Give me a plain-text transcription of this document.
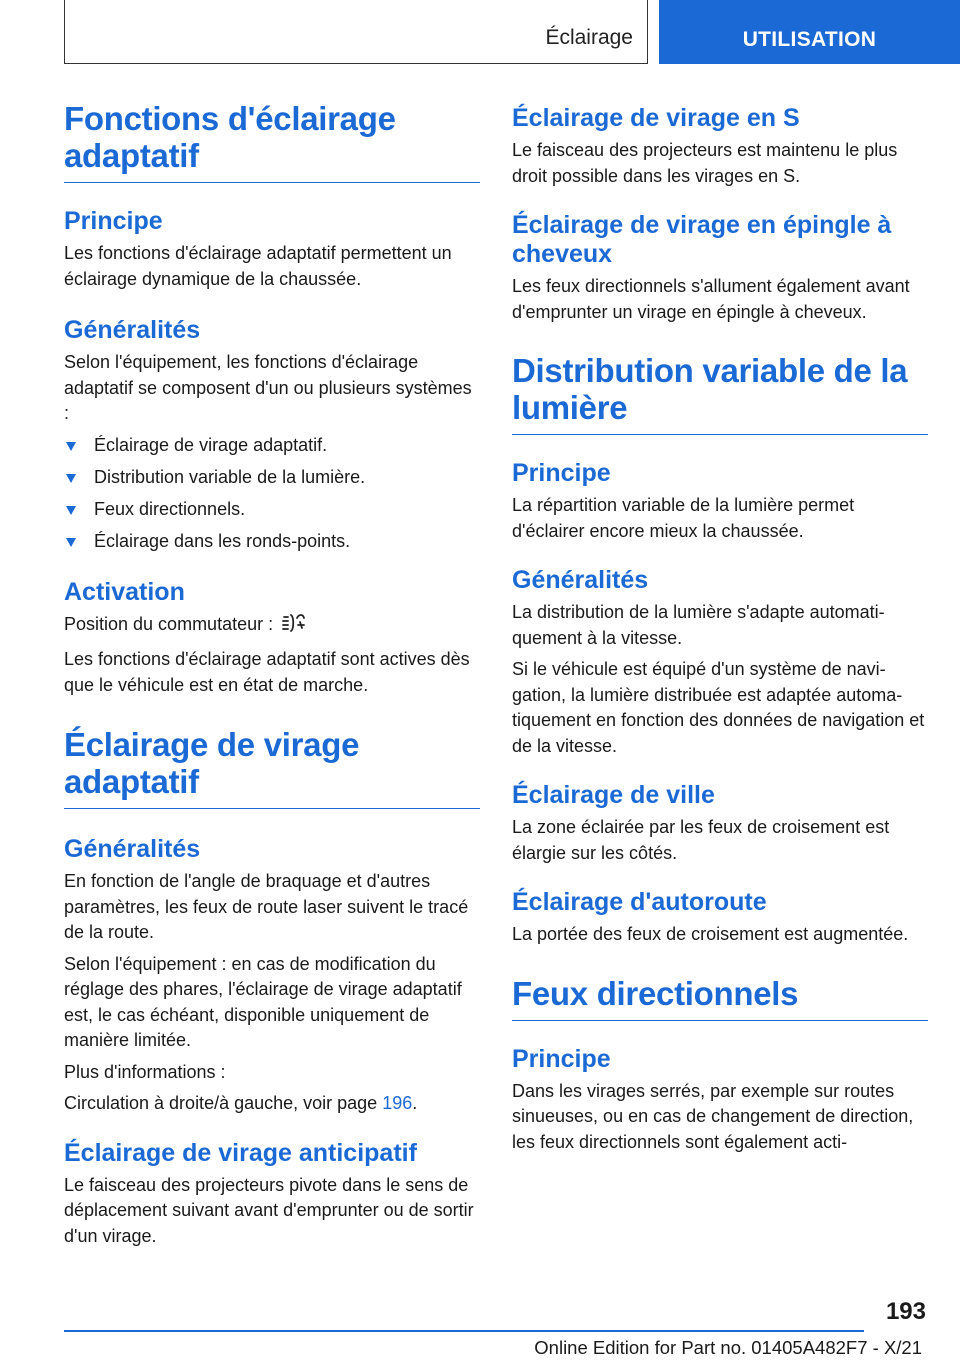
Éclairage	UTILISATION
Fonctions d'éclairage adaptatif
Principe

Les fonctions d'éclairage adaptatif permettent un éclairage dynamique de la chaussée.

Généralités

Selon l'équipement, les fonctions d'éclairage adaptatif se composent d'un ou plusieurs systèmes :

Éclairage de virage adaptatif.
Distribution variable de la lumière.
Feux directionnels.
Éclairage dans les ronds-points.
Activation

Position du commutateur :

Les fonctions d'éclairage adaptatif sont actives dès que le véhicule est en état de marche.

Éclairage de virage adaptatif
Généralités

En fonction de l'angle de braquage et d'autres paramètres, les feux de route laser suivent le tracé de la route.

Selon l'équipement : en cas de modification du réglage des phares, l'éclairage de virage adaptatif est, le cas échéant, disponible uniquement de manière limitée.

Plus d'informations :

Circulation à droite/à gauche, voir page 196.

Éclairage de virage anticipatif

Le faisceau des projecteurs pivote dans le sens de déplacement suivant avant d'emprunter ou de sortir d'un virage.

Éclairage de virage en S

Le faisceau des projecteurs est maintenu le plus droit possible dans les virages en S.

Éclairage de virage en épingle à cheveux

Les feux directionnels s'allument également avant d'emprunter un virage en épingle à cheveux.

Distribution variable de la lumière
Principe

La répartition variable de la lumière permet d'éclairer encore mieux la chaussée.

Généralités

La distribution de la lumière s'adapte automatiquement à la vitesse.

Si le véhicule est équipé d'un système de navigation, la lumière distribuée est adaptée automatiquement en fonction des données de navigation et de la vitesse.

Éclairage de ville

La zone éclairée par les feux de croisement est élargie sur les côtés.

Éclairage d'autoroute

La portée des feux de croisement est augmentée.

Feux directionnels
Principe

Dans les virages serrés, par exemple sur routes sinueuses, ou en cas de changement de direction, les feux directionnels sont également acti-

193
Online Edition for Part no. 01405A482F7 - X/21
